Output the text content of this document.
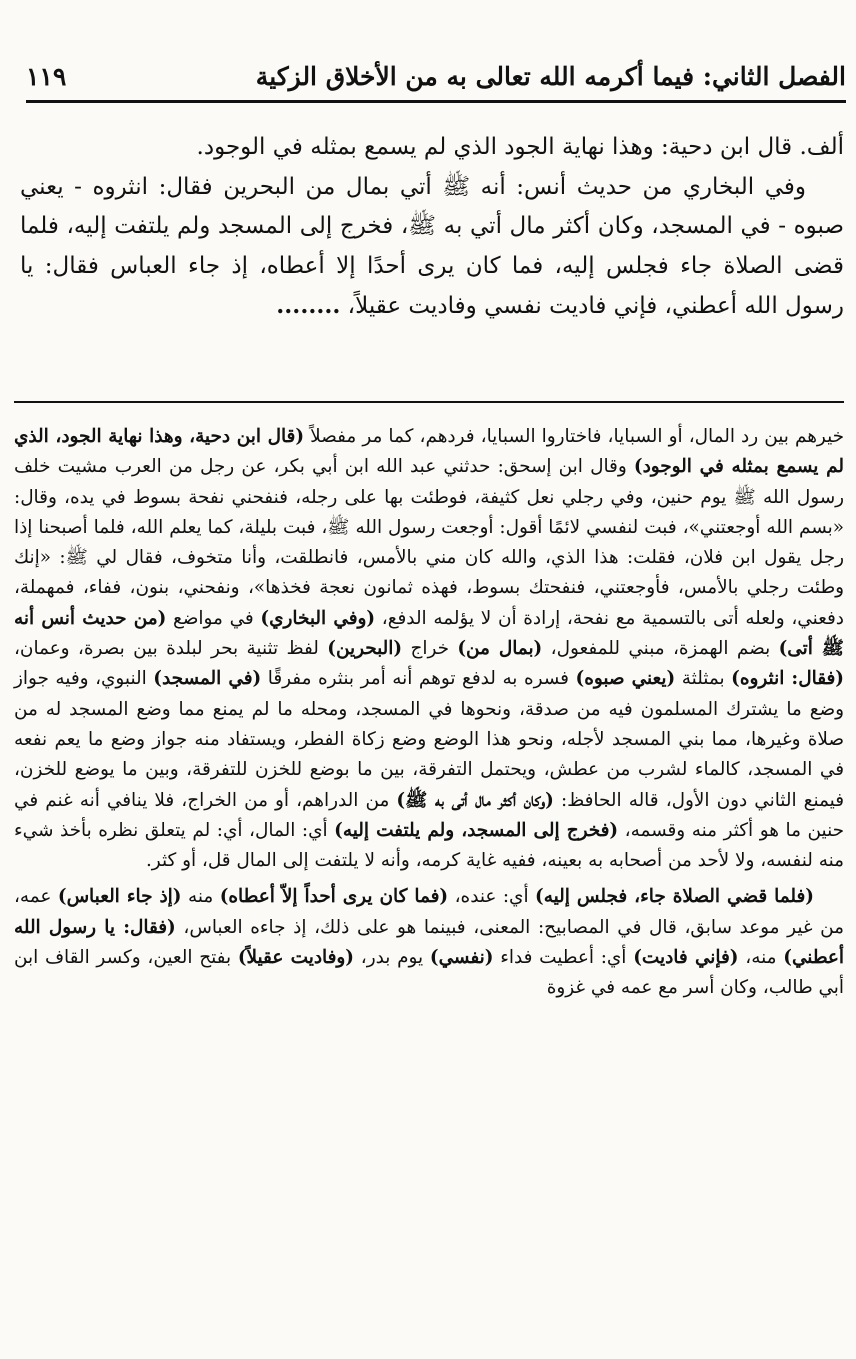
الفصل الثاني: فيما أكرمه الله تعالى به من الأخلاق الزكية
١١٩

ألف. قال ابن دحية: وهذا نهاية الجود الذي لم يسمع بمثله في الوجود.

وفي البخاري من حديث أنس: أنه ﷺ أتي بمال من البحرين فقال: انثروه - يعني صبوه - في المسجد، وكان أكثر مال أتي به ﷺ، فخرج إلى المسجد ولم يلتفت إليه، فلما قضى الصلاة جاء فجلس إليه، فما كان يرى أحدًا إلا أعطاه، إذ جاء العباس فقال: يا رسول الله أعطني، فإني فاديت نفسي وفاديت عقيلاً، ........

خيرهم بين رد المال، أو السبايا، فاختاروا السبايا، فردهم، كما مر مفصلاً (قال ابن دحية، وهذا نهاية الجود، الذي لم يسمع بمثله في الوجود) وقال ابن إسحق: حدثني عبد الله ابن أبي بكر، عن رجل من العرب مشيت خلف رسول الله ﷺ يوم حنين، وفي رجلي نعل كثيفة، فوطئت بها على رجله، فنفحني نفحة بسوط في يده، وقال: «بسم الله أوجعتني»، فبت لنفسي لائمًا أقول: أوجعت رسول الله ﷺ، فبت بليلة، كما يعلم الله، فلما أصبحنا إذا رجل يقول ابن فلان، فقلت: هذا الذي، والله كان مني بالأمس، فانطلقت، وأنا متخوف، فقال لي ﷺ: «إنك وطئت رجلي بالأمس، فأوجعتني، فنفحتك بسوط، فهذه ثمانون نعجة فخذها»، ونفحني، بنون، ففاء، فمهملة، دفعني، ولعله أتى بالتسمية مع نفحة، إرادة أن لا يؤلمه الدفع، (وفي البخاري) في مواضع (من حديث أنس أنه ﷺ أتى) بضم الهمزة، مبني للمفعول، (بمال من) خراج (البحرين) لفظ تثنية بحر لبلدة بين بصرة، وعمان، (فقال: انثروه) بمثلثة (يعني صبوه) فسره به لدفع توهم أنه أمر بنثره مفرقًا (في المسجد) النبوي، وفيه جواز وضع ما يشترك المسلمون فيه من صدقة، ونحوها في المسجد، ومحله ما لم يمنع مما وضع المسجد له من صلاة وغيرها، مما بني المسجد لأجله، ونحو هذا الوضع وضع زكاة الفطر، ويستفاد منه جواز وضع ما يعم نفعه في المسجد، كالماء لشرب من عطش، ويحتمل التفرقة، بين ما بوضع للخزن للتفرقة، وبين ما يوضع للخزن، فيمنع الثاني دون الأول، قاله الحافظ: (وكان أكثر مال أتى به ﷺ) من الدراهم، أو من الخراج، فلا ينافي أنه غنم في حنين ما هو أكثر منه وقسمه، (فخرج إلى المسجد، ولم يلتفت إليه) أي: المال، أي: لم يتعلق نظره بأخذ شيء منه لنفسه، ولا لأحد من أصحابه به بعينه، ففيه غاية كرمه، وأنه لا يلتفت إلى المال قل، أو كثر.

(فلما قضي الصلاة جاء، فجلس إليه) أي: عنده، (فما كان يرى أحداً إلاّ أعطاه) منه (إذ جاء العباس) عمه، من غير موعد سابق، قال في المصابيح: المعنى، فبينما هو على ذلك، إذ جاءه العباس، (فقال: يا رسول الله أعطني) منه، (فإني فاديت) أي: أعطيت فداء (نفسي) يوم بدر، (وفاديت عقيلاً) بفتح العين، وكسر القاف ابن أبي طالب، وكان أسر مع عمه في غزوة
